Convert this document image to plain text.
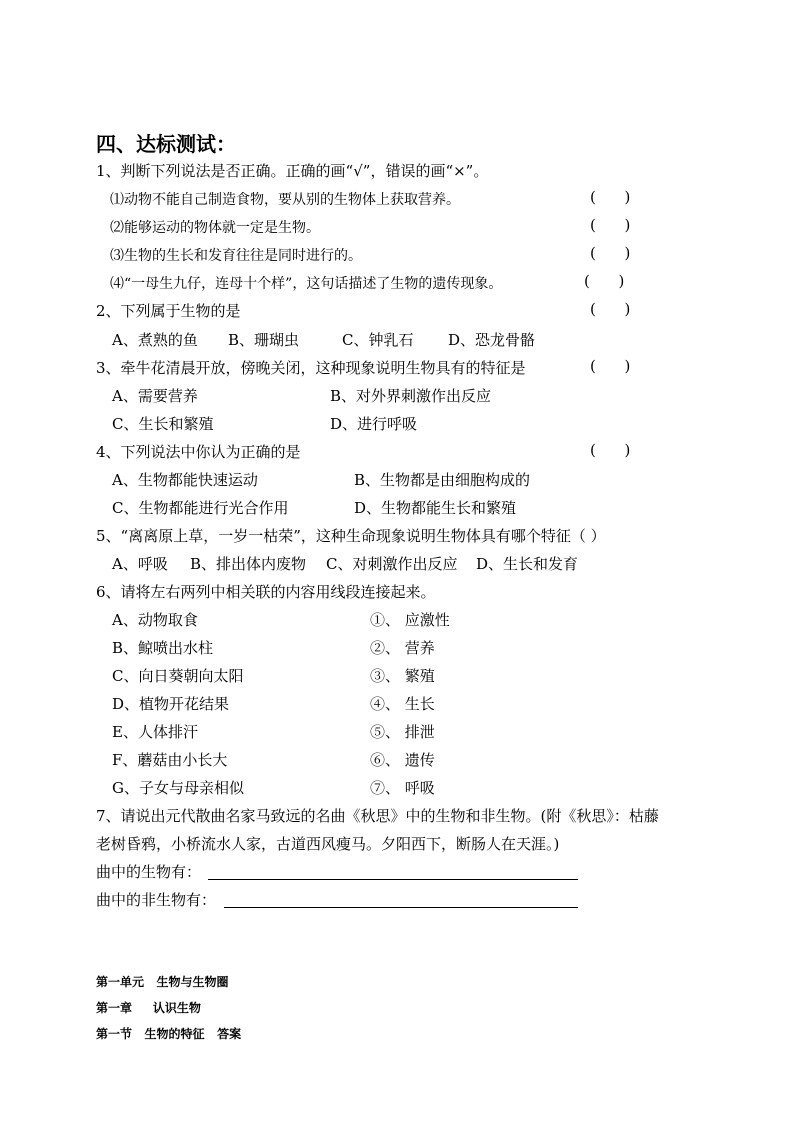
四、达标测试：
1、判断下列说法是否正确。正确的画“√”，错误的画“×”。
⑴动物不能自己制造食物，要从别的生物体上获取营养。	(      )
⑵能够运动的物体就一定是生物。	(      )
⑶生物的生长和发育往往是同时进行的。	(      )
⑷“一母生九仔，连母十个样”，这句话描述了生物的遗传现象。	(      )
2、下列属于生物的是	(      )
A、煮熟的鱼 B、珊瑚虫	C、钟乳石 D、恐龙骨骼
3、牵牛花清晨开放，傍晚关闭，这种现象说明生物具有的特征是	(      )
A、需要营养	B、对外界刺激作出反应
C、生长和繁殖	D、进行呼吸
4、下列说法中你认为正确的是	(      )
A、生物都能快速运动	B、生物都是由细胞构成的
C、生物都能进行光合作用	D、生物都能生长和繁殖
5、“离离原上草，一岁一枯荣”，这种生命现象说明生物体具有哪个特征（ ）
A、呼吸 B、排出体内废物 C、对刺激作出反应 D、生长和发育
6、请将左右两列中相关联的内容用线段连接起来。
A、动物取食	①、 应激性
B、鲸喷出水柱	②、 营养
C、向日葵朝向太阳	③、 繁殖
D、植物开花结果	④、 生长
E、人体排汗	⑤、 排泄
F、蘑菇由小长大	⑥、 遗传
G、子女与母亲相似	⑦、 呼吸
7、请说出元代散曲名家马致远的名曲《秋思》中的生物和非生物。(附《秋思》：枯藤
老树昏鸦，小桥流水人家，古道西风瘦马。夕阳西下，断肠人在天涯。)
曲中的生物有：
曲中的非生物有：
第一单元   生物与生物圈
第一章     认识生物
第一节   生物的特征   答案
